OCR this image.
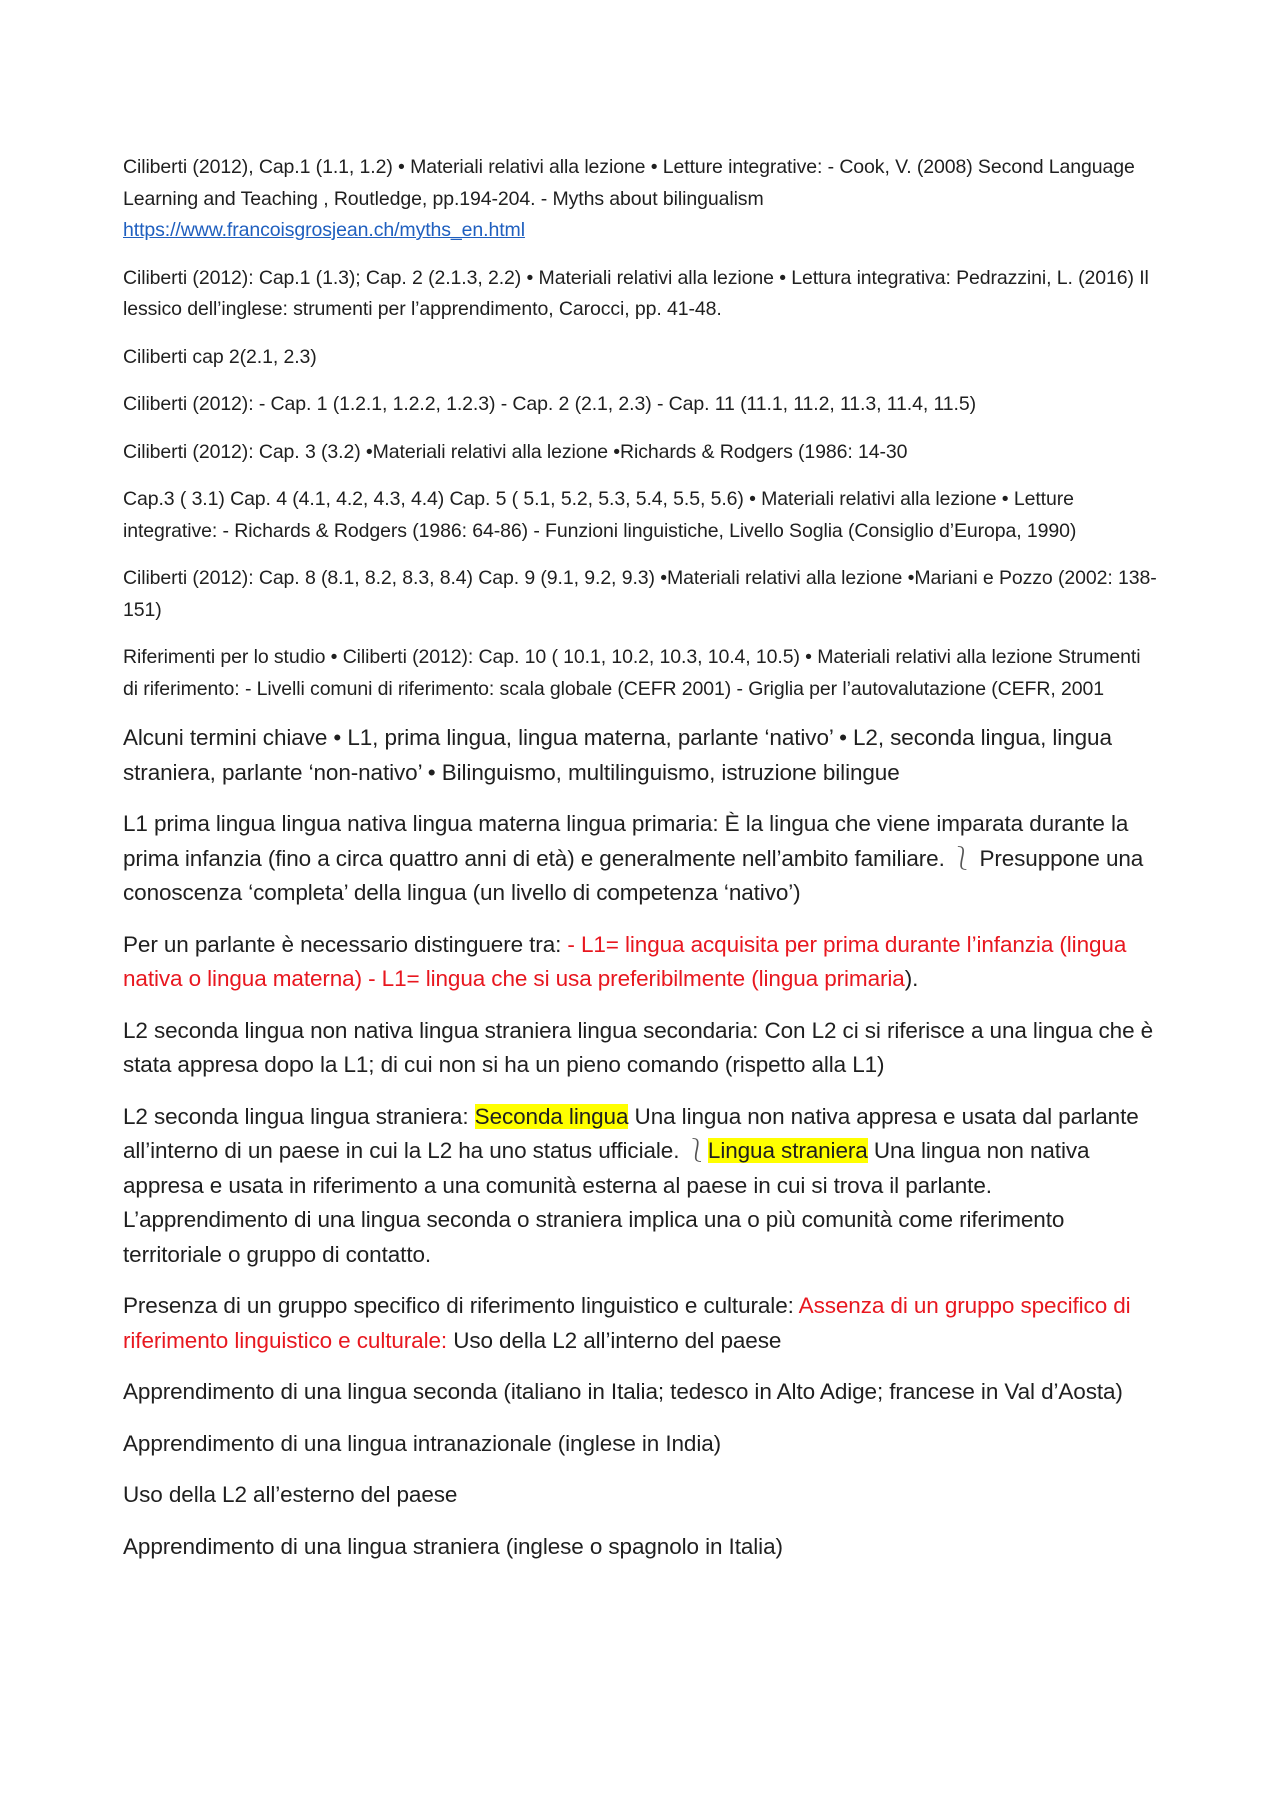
Ciliberti (2012), Cap.1 (1.1, 1.2) • Materiali relativi alla lezione • Letture integrative: - Cook, V. (2008) Second Language Learning and Teaching , Routledge, pp.194-204. - Myths about bilingualism https://www.francoisgrosjean.ch/myths_en.html

Ciliberti (2012): Cap.1 (1.3); Cap. 2 (2.1.3, 2.2) • Materiali relativi alla lezione • Lettura integrativa: Pedrazzini, L. (2016) Il lessico dell’inglese: strumenti per l’apprendimento, Carocci, pp. 41-48.

Ciliberti cap 2(2.1, 2.3)

Ciliberti (2012): - Cap. 1 (1.2.1, 1.2.2, 1.2.3) - Cap. 2 (2.1, 2.3) - Cap. 11 (11.1, 11.2, 11.3, 11.4, 11.5)

Ciliberti (2012): Cap. 3 (3.2) •Materiali relativi alla lezione •Richards & Rodgers (1986: 14-30

Cap.3 ( 3.1) Cap. 4 (4.1, 4.2, 4.3, 4.4) Cap. 5 ( 5.1, 5.2, 5.3, 5.4, 5.5, 5.6) • Materiali relativi alla lezione • Letture integrative: - Richards & Rodgers (1986: 64-86) - Funzioni linguistiche, Livello Soglia (Consiglio d’Europa, 1990)

Ciliberti (2012): Cap. 8 (8.1, 8.2, 8.3, 8.4) Cap. 9 (9.1, 9.2, 9.3) •Materiali relativi alla lezione •Mariani e Pozzo (2002: 138-151)

Riferimenti per lo studio • Ciliberti (2012): Cap. 10 ( 10.1, 10.2, 10.3, 10.4, 10.5) • Materiali relativi alla lezione Strumenti di riferimento: - Livelli comuni di riferimento: scala globale (CEFR 2001) - Griglia per l’autovalutazione (CEFR, 2001

Alcuni termini chiave • L1, prima lingua, lingua materna, parlante ‘nativo’ • L2, seconda lingua, lingua straniera, parlante ‘non-nativo’ • Bilinguismo, multilinguismo, istruzione bilingue

L1 prima lingua lingua nativa lingua materna lingua primaria: È la lingua che viene imparata durante la prima infanzia (fino a circa quattro anni di età) e generalmente nell’ambito familiare. ⎱ Presuppone una conoscenza ‘completa’ della lingua (un livello di competenza ‘nativo’)

Per un parlante è necessario distinguere tra: - L1= lingua acquisita per prima durante l’infanzia (lingua nativa o lingua materna) - L1= lingua che si usa preferibilmente (lingua primaria).

L2 seconda lingua non nativa lingua straniera lingua secondaria: Con L2 ci si riferisce a una lingua che è stata appresa dopo la L1; di cui non si ha un pieno comando (rispetto alla L1)

L2 seconda lingua lingua straniera: Seconda lingua Una lingua non nativa appresa e usata dal parlante all’interno di un paese in cui la L2 ha uno status ufficiale. ⎱Lingua straniera Una lingua non nativa appresa e usata in riferimento a una comunità esterna al paese in cui si trova il parlante. L’apprendimento di una lingua seconda o straniera implica una o più comunità come riferimento territoriale o gruppo di contatto.

Presenza di un gruppo specifico di riferimento linguistico e culturale: Assenza di un gruppo specifico di riferimento linguistico e culturale: Uso della L2 all’interno del paese

Apprendimento di una lingua seconda (italiano in Italia; tedesco in Alto Adige; francese in Val d’Aosta)

Apprendimento di una lingua intranazionale (inglese in India)

Uso della L2 all’esterno del paese

Apprendimento di una lingua straniera (inglese o spagnolo in Italia)
